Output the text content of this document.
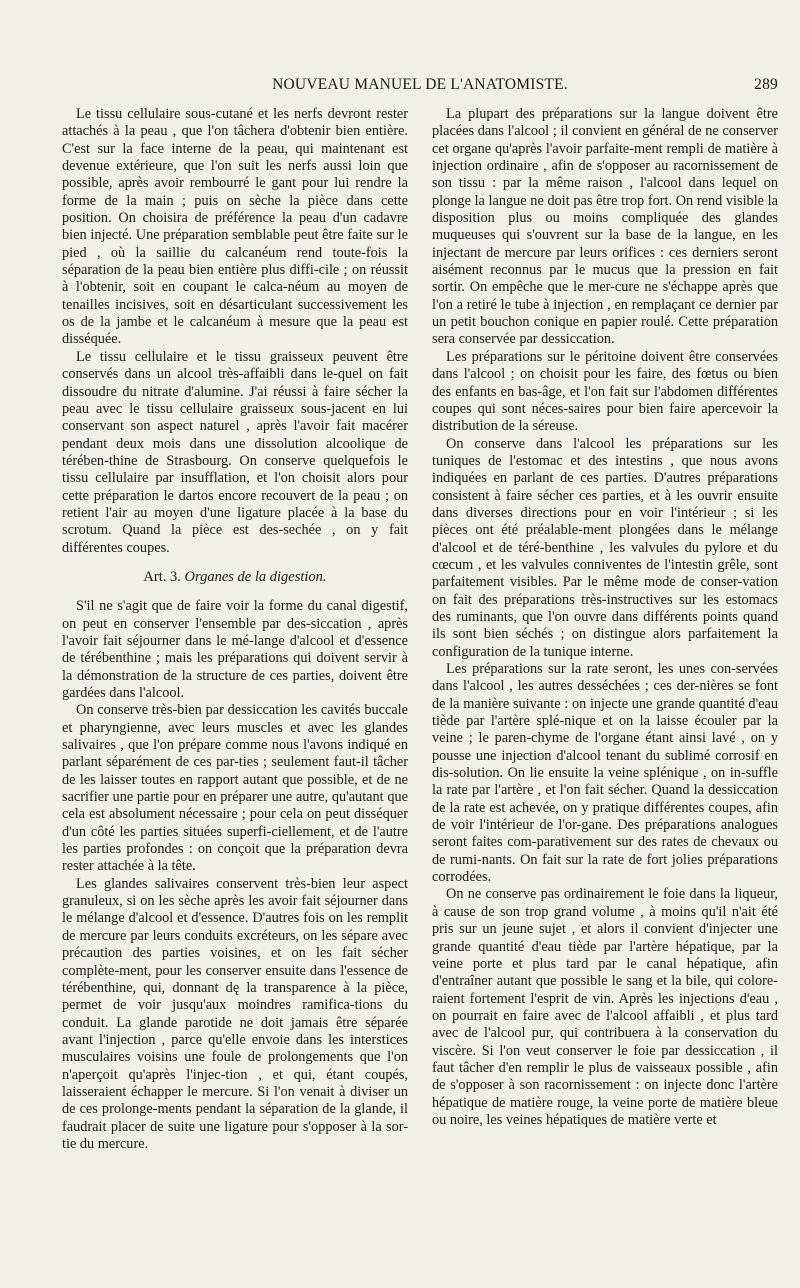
NOUVEAU MANUEL DE L'ANATOMISTE.	289

Le tissu cellulaire sous-cutané et les nerfs devront rester attachés à la peau , que l'on tâchera d'obtenir bien entière. C'est sur la face interne de la peau, qui maintenant est devenue extérieure, que l'on suit les nerfs aussi loin que possible, après avoir rembourré le gant pour lui rendre la forme de la main ; puis on sèche la pièce dans cette position. On choisira de préférence la peau d'un cadavre bien injecté. Une préparation semblable peut être faite sur le pied , où la saillie du calcanéum rend toute-fois la séparation de la peau bien entière plus diffi-cile ; on réussit à l'obtenir, soit en coupant le calca-néum au moyen de tenailles incisives, soit en désarticulant successivement les os de la jambe et le calcanéum à mesure que la peau est disséquée.

Le tissu cellulaire et le tissu graisseux peuvent être conservés dans un alcool très-affaibli dans le-quel on fait dissoudre du nitrate d'alumine. J'ai réussi à faire sécher la peau avec le tissu cellulaire graisseux sous-jacent en lui conservant son aspect naturel , après l'avoir fait macérer pendant deux mois dans une dissolution alcoolique de térében-thine de Strasbourg. On conserve quelquefois le tissu cellulaire par insufflation, et l'on choisit alors pour cette préparation le dartos encore recouvert de la peau ; on retient l'air au moyen d'une ligature placée à la base du scrotum. Quand la pièce est des-sechée , on y fait différentes coupes.

Art. 3. Organes de la digestion.

S'il ne s'agit que de faire voir la forme du canal digestif, on peut en conserver l'ensemble par des-siccation , après l'avoir fait séjourner dans le mé-lange d'alcool et d'essence de térébenthine ; mais les préparations qui doivent servir à la démonstration de la structure de ces parties, doivent être gardées dans l'alcool.

On conserve très-bien par dessiccation les cavités buccale et pharyngienne, avec leurs muscles et avec les glandes salivaires , que l'on prépare comme nous l'avons indiqué en parlant séparément de ces par-ties ; seulement faut-il tâcher de les laisser toutes en rapport autant que possible, et de ne sacrifier une partie pour en préparer une autre, qu'autant que cela est absolument nécessaire ; pour cela on peut disséquer d'un côté les parties situées superfi-ciellement, et de l'autre les parties profondes : on conçoit que la préparation devra rester attachée à la tête.

Les glandes salivaires conservent très-bien leur aspect granuleux, si on les sèche après les avoir fait séjourner dans le mélange d'alcool et d'essence. D'autres fois on les remplit de mercure par leurs conduits excréteurs, on les sépare avec précaution des parties voisines, et on les fait sécher complète-ment, pour les conserver ensuite dans l'essence de térébenthine, qui, donnant dę la transparence à la pièce, permet de voir jusqu'aux moindres ramifica-tions du conduit. La glande parotide ne doit jamais être séparée avant l'injection , parce qu'elle envoie dans les interstices musculaires voisins une foule de prolongements que l'on n'aperçoit qu'après l'injec-tion , et qui, étant coupés, laisseraient échapper le mercure. Si l'on venait à diviser un de ces prolonge-ments pendant la séparation de la glande, il faudrait placer de suite une ligature pour s'opposer à la sor-tie du mercure.

La plupart des préparations sur la langue doivent être placées dans l'alcool ; il convient en général de ne conserver cet organe qu'après l'avoir parfaite-ment rempli de matière à injection ordinaire , afin de s'opposer au racornissement de son tissu : par la même raison , l'alcool dans lequel on plonge la langue ne doit pas être trop fort. On rend visible la disposition plus ou moins compliquée des glandes muqueuses qui s'ouvrent sur la base de la langue, en les injectant de mercure par leurs orifices : ces derniers seront aisément reconnus par le mucus que la pression en fait sortir. On empêche que le mer-cure ne s'échappe après que l'on a retiré le tube à injection , en remplaçant ce dernier par un petit bouchon conique en papier roulé. Cette préparation sera conservée par dessiccation.

Les préparations sur le péritoine doivent être conservées dans l'alcool ; on choisit pour les faire, des fœtus ou bien des enfants en bas-âge, et l'on fait sur l'abdomen différentes coupes qui sont néces-saires pour bien faire apercevoir la distribution de la séreuse.

On conserve dans l'alcool les préparations sur les tuniques de l'estomac et des intestins , que nous avons indiquées en parlant de ces parties. D'autres préparations consistent à faire sécher ces parties, et à les ouvrir ensuite dans diverses directions pour en voir l'intérieur ; si les pièces ont été préalable-ment plongées dans le mélange d'alcool et de téré-benthine , les valvules du pylore et du cœcum , et les valvules conniventes de l'intestin grêle, sont parfaitement visibles. Par le même mode de conser-vation on fait des préparations très-instructives sur les estomacs des ruminants, que l'on ouvre dans différents points quand ils sont bien séchés ; on distingue alors parfaitement la configuration de la tunique interne.

Les préparations sur la rate seront, les unes con-servées dans l'alcool , les autres desséchées ; ces der-nières se font de la manière suivante : on injecte une grande quantité d'eau tiède par l'artère splé-nique et on la laisse écouler par la veine ; le paren-chyme de l'organe étant ainsi lavé , on y pousse une injection d'alcool tenant du sublimé corrosif en dis-solution. On lie ensuite la veine splénique , on in-suffle la rate par l'artère , et l'on fait sécher. Quand la dessiccation de la rate est achevée, on y pratique différentes coupes, afin de voir l'intérieur de l'or-gane. Des préparations analogues seront faites com-parativement sur des rates de chevaux ou de rumi-nants. On fait sur la rate de fort jolies préparations corrodées.

On ne conserve pas ordinairement le foie dans la liqueur, à cause de son trop grand volume , à moins qu'il n'ait été pris sur un jeune sujet , et alors il convient d'injecter une grande quantité d'eau tiède par l'artère hépatique, par la veine porte et plus tard par le canal hépatique, afin d'entraîner autant que possible le sang et la bile, qui colore-raient fortement l'esprit de vin. Après les injections d'eau , on pourrait en faire avec de l'alcool affaibli , et plus tard avec de l'alcool pur, qui contribuera à la conservation du viscère. Si l'on veut conserver le foie par dessiccation , il faut tâcher d'en remplir le plus de vaisseaux possible , afin de s'opposer à son racornissement : on injecte donc l'artère hépatique de matière rouge, la veine porte de matière bleue ou noire, les veines hépatiques de matière verte et
